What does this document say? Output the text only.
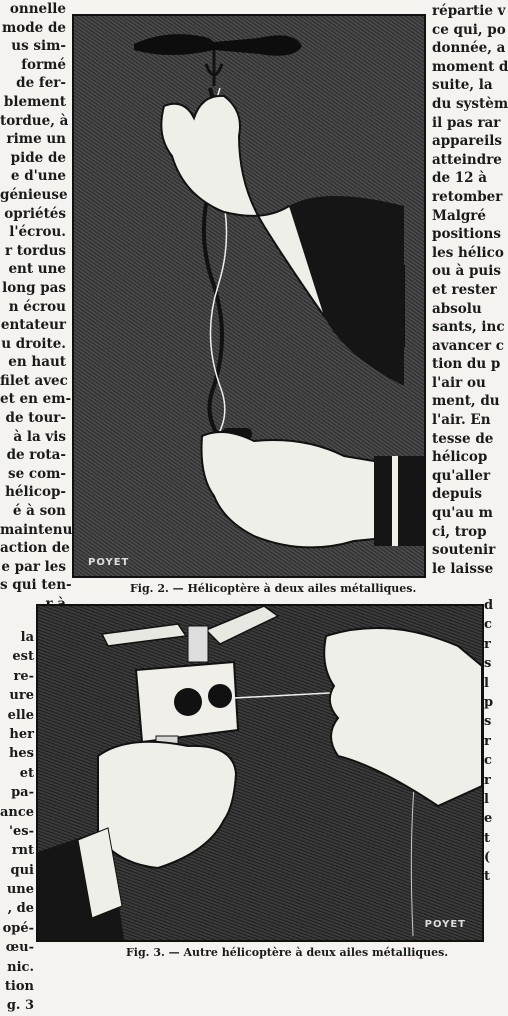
onnelle
mode de
us sim-
formé
de fer-
blement
tordue, à
rime un
pide de
e d'une
génieuse
opriétés
l'écrou.
r tordus
ent une
long pas
n écrou
entateur
u droite.
en haut
filet avec
et en em-
de tour-
à la vis
de rota-
se com-
hélicop-
é à son
maintenu
action de
e par les
s qui ten-
répartie v
ce qui, po
donnée, a
moment d
suite, la
du systèm
il pas rar
appareils
atteindre
de 12 à
retomber
Malgré
positions
les hélico
ou à puis
et rester
absolu
sants, inc
avancer c
tion du p
l'air ou
ment, du
l'air. En
tesse de
hélicop
qu'aller
depuis
qu'au m
ci, trop
soutenir
le laisse
la
est
re-
ure
elle
her
hes
et
pa-
ance
'es-
rnt
qui
une
, de
opé-
œu-
nic.
tion
g. 3
d
c
r
s
l
p
s
r
c
r
l
e
t
(
t
POYET
Fig. 2. — Hélicoptère à deux ailes métalliques.
POYET
Fig. 3. — Autre hélicoptère à deux ailes métalliques.
